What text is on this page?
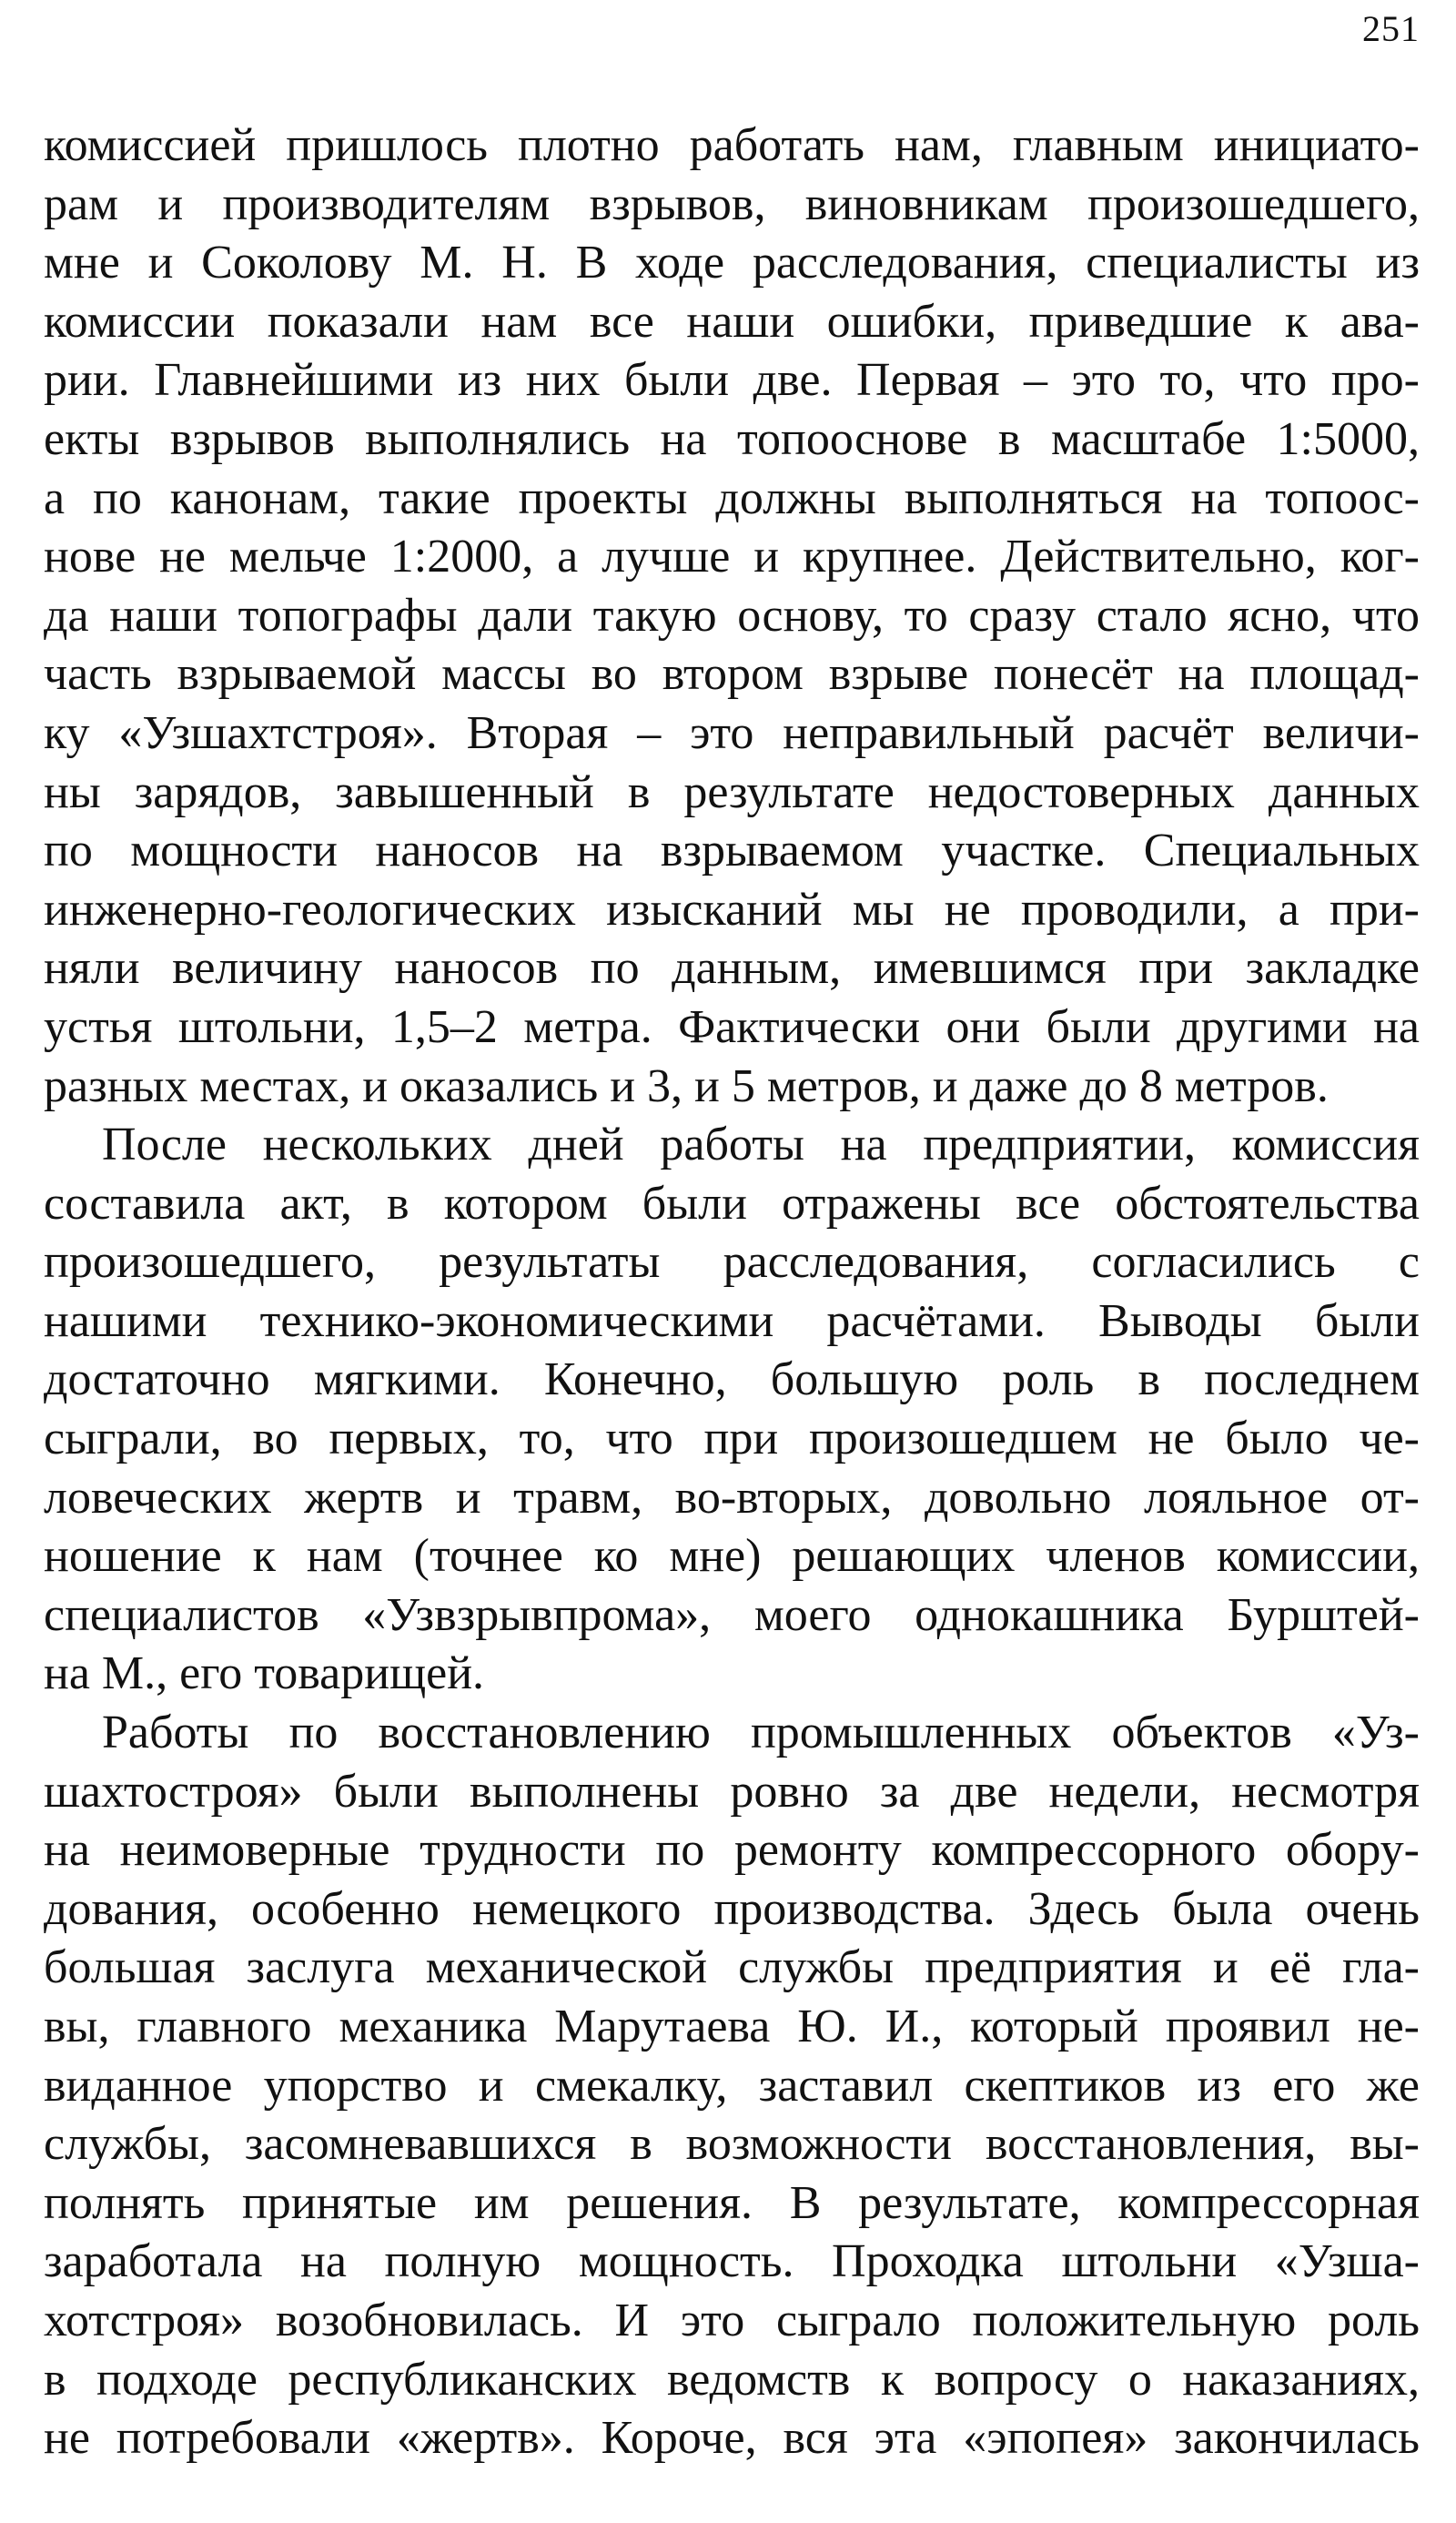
251
комиссией пришлось плотно работать нам, главным инициато-
рам и производителям взрывов, виновникам произошедшего,
мне и Соколову М. Н. В ходе расследования, специалисты из
комиссии показали нам все наши ошибки, приведшие к ава-
рии. Главнейшими из них были две. Первая – это то, что про-
екты взрывов выполнялись на топооснове в масштабе 1:5000,
а по канонам, такие проекты должны выполняться на топоос-
нове не мельче 1:2000, а лучше и крупнее. Действительно, ког-
да наши топографы дали такую основу, то сразу стало ясно, что
часть взрываемой массы во втором взрыве понесёт на площад-
ку «Узшахтстроя». Вторая – это неправильный расчёт величи-
ны зарядов, завышенный в результате недостоверных данных
по мощности наносов на взрываемом участке. Специальных
инженерно-геологических изысканий мы не проводили, а при-
няли величину наносов по данным, имевшимся при закладке
устья штольни, 1,5–2 метра. Фактически они были другими на
разных местах, и оказались и 3, и 5 метров, и даже до 8 метров.
После нескольких дней работы на предприятии, комиссия
составила акт, в котором были отражены все обстоятельства
произошедшего, результаты расследования, согласились с
нашими технико-экономическими расчётами. Выводы были
достаточно мягкими. Конечно, большую роль в последнем
сыграли, во первых, то, что при произошедшем не было че-
ловеческих жертв и травм, во-вторых, довольно лояльное от-
ношение к нам (точнее ко мне) решающих членов комиссии,
специалистов «Узвзрывпрома», моего однокашника Бурштей-
на М., его товарищей.
Работы по восстановлению промышленных объектов «Уз-
шахтостроя» были выполнены ровно за две недели, несмотря
на неимоверные трудности по ремонту компрессорного обору-
дования, особенно немецкого производства. Здесь была очень
большая заслуга механической службы предприятия и её гла-
вы, главного механика Марутаева Ю. И., который проявил не-
виданное упорство и смекалку, заставил скептиков из его же
службы, засомневавшихся в возможности восстановления, вы-
полнять принятые им решения. В результате, компрессорная
заработала на полную мощность. Проходка штольни «Узша-
хотстроя» возобновилась. И это сыграло положительную роль
в подходе республиканских ведомств к вопросу о наказаниях,
не потребовали «жертв». Короче, вся эта «эпопея» закончилась
